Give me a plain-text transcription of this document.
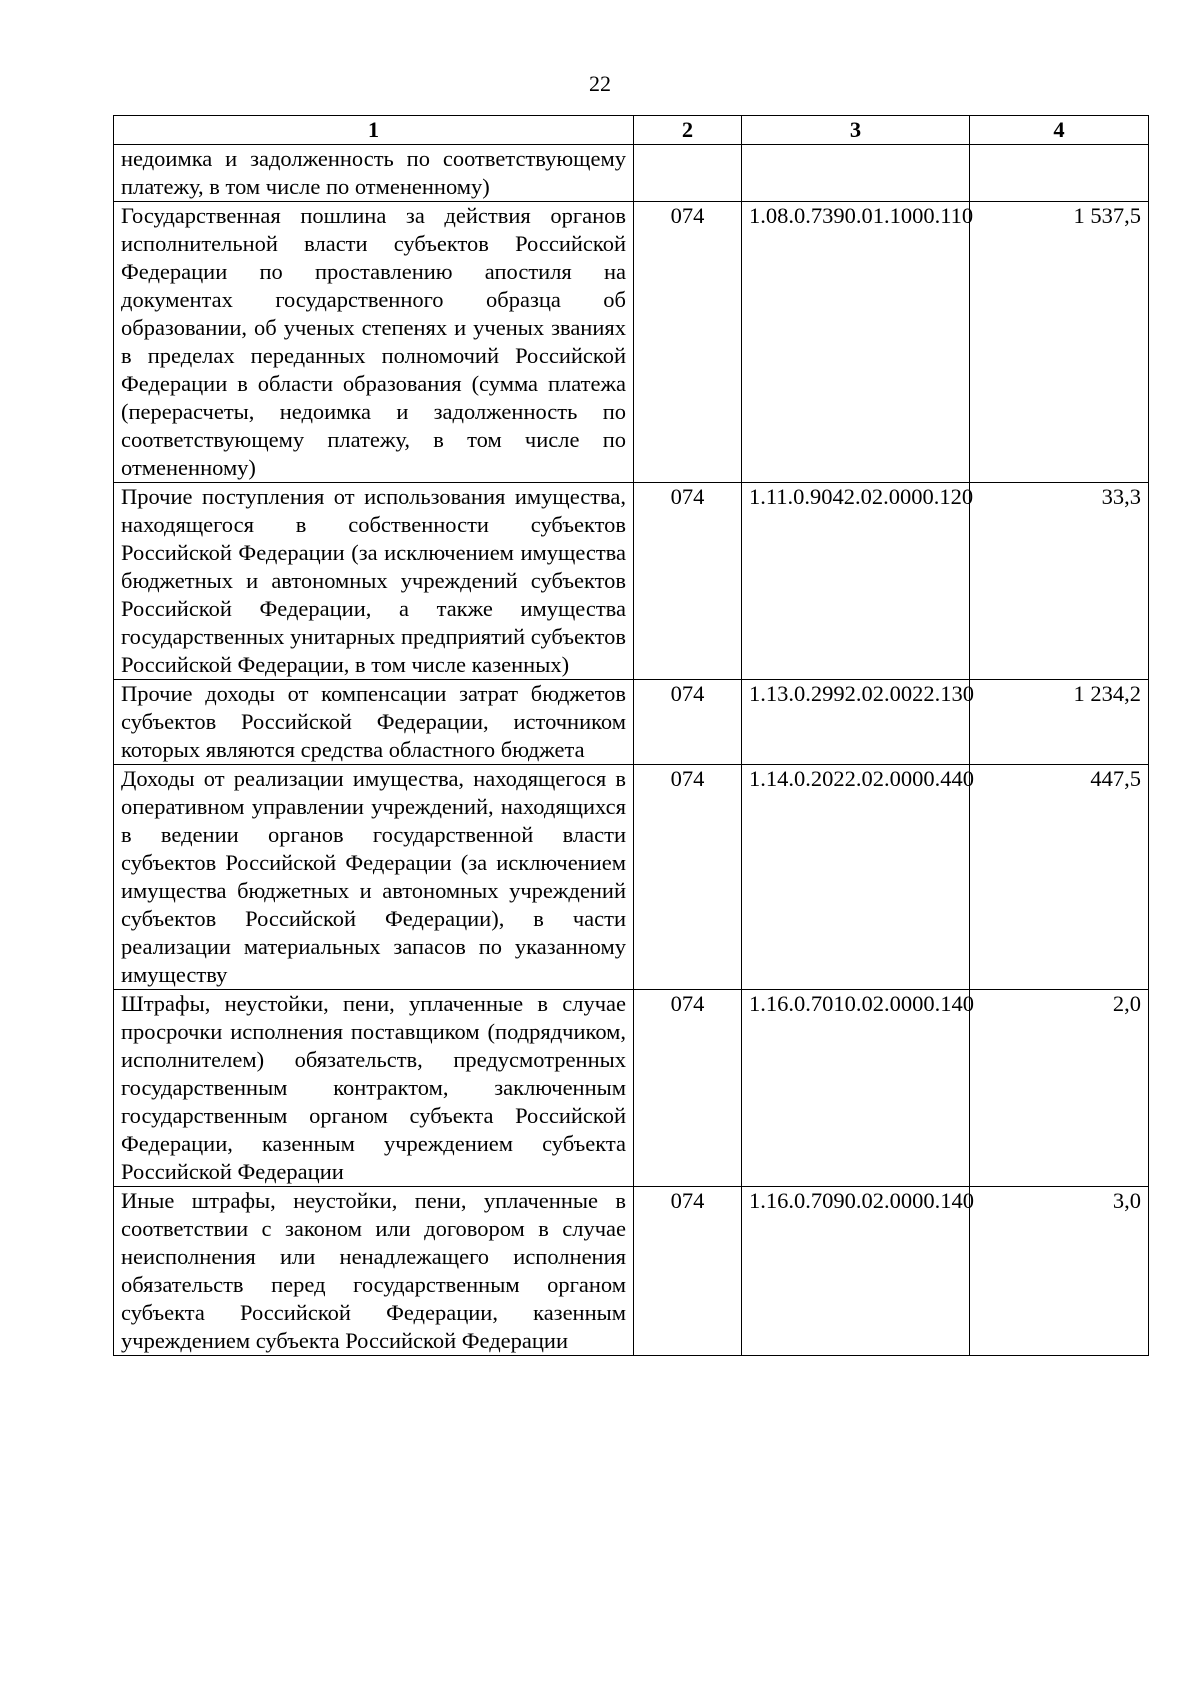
22
1	2	3	4
недоимка и задолженность по соответствующему платежу, в том числе по отмененному)			
Государственная пошлина за действия органов исполнительной власти субъектов Российской Федерации по проставлению апостиля на документах государственного образца об образовании, об ученых степенях и ученых званиях в пределах переданных полномочий Российской Федерации в области образования (сумма платежа (перерасчеты, недоимка и задолженность по соответствующему платежу, в том числе по отмененному)	074	1.08.0.7390.01.1000.110	1 537,5
Прочие поступления от использования имущества, находящегося в собственности субъектов Российской Федерации (за исключением имущества бюджетных и автономных учреждений субъектов Российской Федерации, а также имущества государственных унитарных предприятий субъектов Российской Федерации, в том числе казенных)	074	1.11.0.9042.02.0000.120	33,3
Прочие доходы от компенсации затрат бюджетов субъектов Российской Федерации, источником которых являются средства областного бюджета	074	1.13.0.2992.02.0022.130	1 234,2
Доходы от реализации имущества, находящегося в оперативном управлении учреждений, находящихся в ведении органов государственной власти субъектов Российской Федерации (за исключением имущества бюджетных и автономных учреждений субъектов Российской Федерации), в части реализации материальных запасов по указанному имуществу	074	1.14.0.2022.02.0000.440	447,5
Штрафы, неустойки, пени, уплаченные в случае просрочки исполнения поставщиком (подрядчиком, исполнителем) обязательств, предусмотренных государственным контрактом, заключенным государственным органом субъекта Российской Федерации, казенным учреждением субъекта Российской Федерации	074	1.16.0.7010.02.0000.140	2,0
Иные штрафы, неустойки, пени, уплаченные в соответствии с законом или договором в случае неисполнения или ненадлежащего исполнения обязательств перед государственным органом субъекта Российской Федерации, казенным учреждением субъекта Российской Федерации	074	1.16.0.7090.02.0000.140	3,0
